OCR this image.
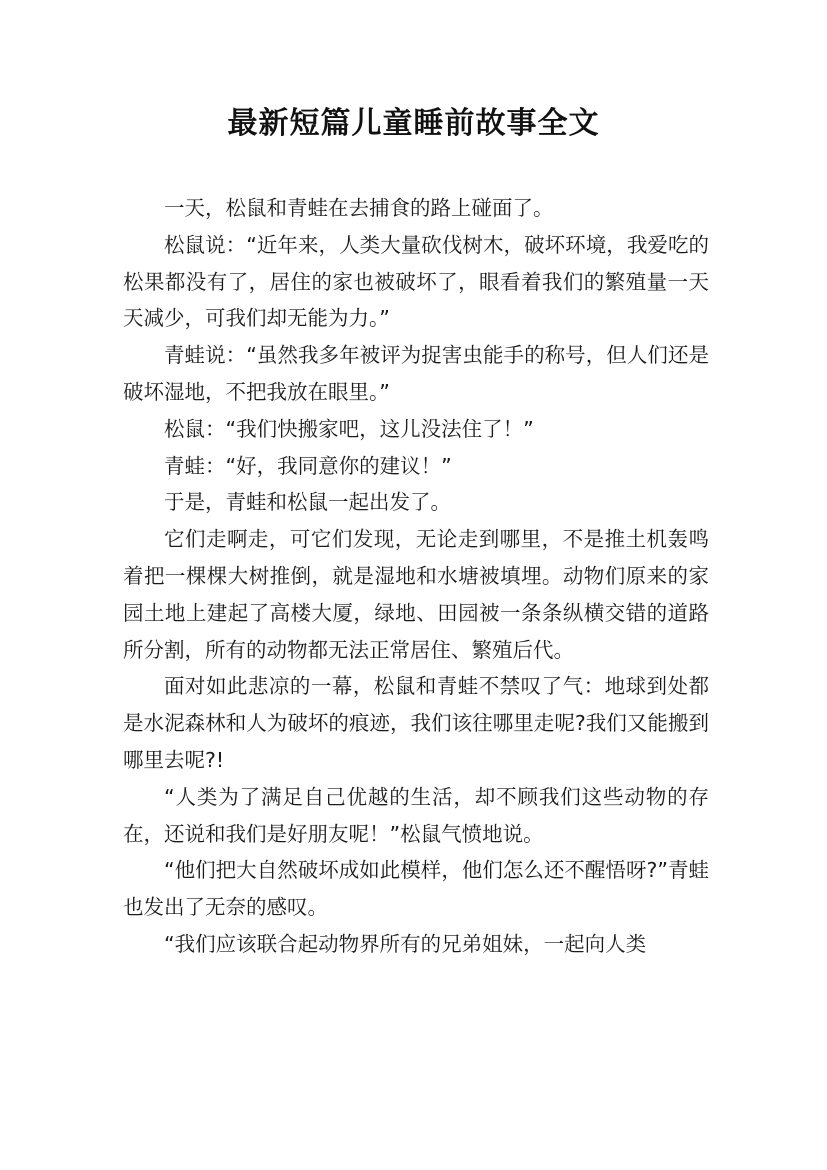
最新短篇儿童睡前故事全文

一天，松鼠和青蛙在去捕食的路上碰面了。

松鼠说：“近年来，人类大量砍伐树木，破坏环境，我爱吃的松果都没有了，居住的家也被破坏了，眼看着我们的繁殖量一天天减少，可我们却无能为力。”

青蛙说：“虽然我多年被评为捉害虫能手的称号，但人们还是破坏湿地，不把我放在眼里。”

松鼠：“我们快搬家吧，这儿没法住了！”

青蛙：“好，我同意你的建议！”

于是，青蛙和松鼠一起出发了。

它们走啊走，可它们发现，无论走到哪里，不是推土机轰鸣着把一棵棵大树推倒，就是湿地和水塘被填埋。动物们原来的家园土地上建起了高楼大厦，绿地、田园被一条条纵横交错的道路所分割，所有的动物都无法正常居住、繁殖后代。

面对如此悲凉的一幕，松鼠和青蛙不禁叹了气：地球到处都是水泥森林和人为破坏的痕迹，我们该往哪里走呢?我们又能搬到哪里去呢?!

“人类为了满足自己优越的生活，却不顾我们这些动物的存在，还说和我们是好朋友呢！”松鼠气愤地说。

“他们把大自然破坏成如此模样，他们怎么还不醒悟呀?”青蛙也发出了无奈的感叹。

“我们应该联合起动物界所有的兄弟姐妹，一起向人类
